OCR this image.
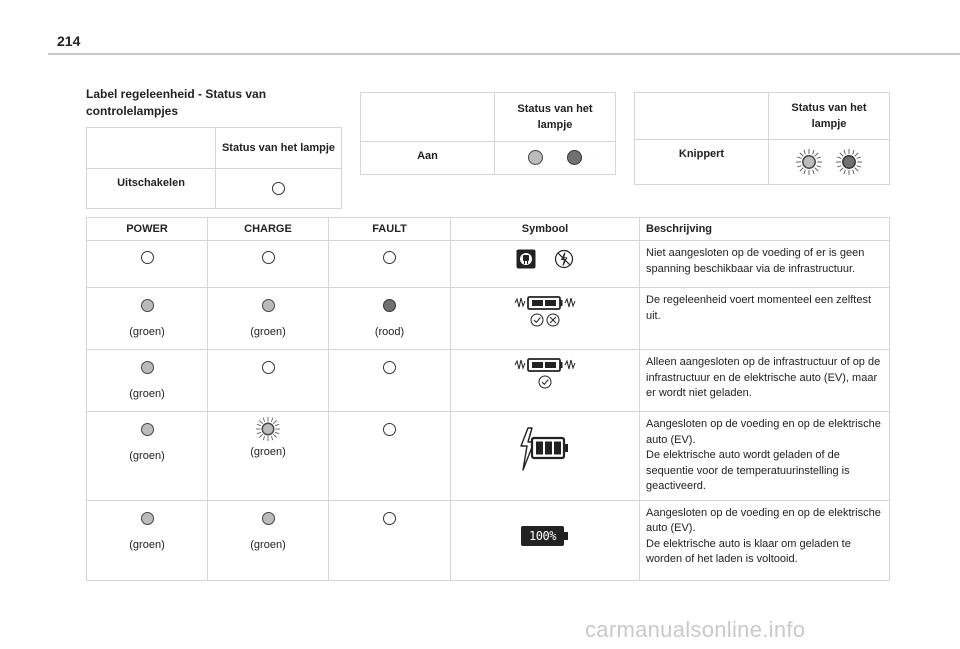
214
Label regeleenheid - Status van controlelampjes
	Status van het lampje
Uitschakelen	
	Status van het lampje
Aan	
	Status van het lampje
Knippert	
POWER	CHARGE	FAULT	Symbool	Beschrijving
				Niet aangesloten op de voeding of er is geen spanning beschikbaar via de infrastructuur.

(groen)	(groen)	(rood)		De regeleenheid voert momenteel een zelftest uit.

(groen)				Alleen aangesloten op de infrastructuur of op de infrastructuur en de elektrische auto (EV), maar er wordt niet geladen.

(groen)	(groen)			Aangesloten op de voeding en op de elektrische auto (EV).
De elektrische auto wordt geladen of de sequentie voor de temperatuurinstelling is geactiveerd.

(groen)	(groen)		100%	Aangesloten op de voeding en op de elektrische auto (EV).
De elektrische auto is klaar om geladen te worden of het laden is voltooid.
carmanualsonline.info
